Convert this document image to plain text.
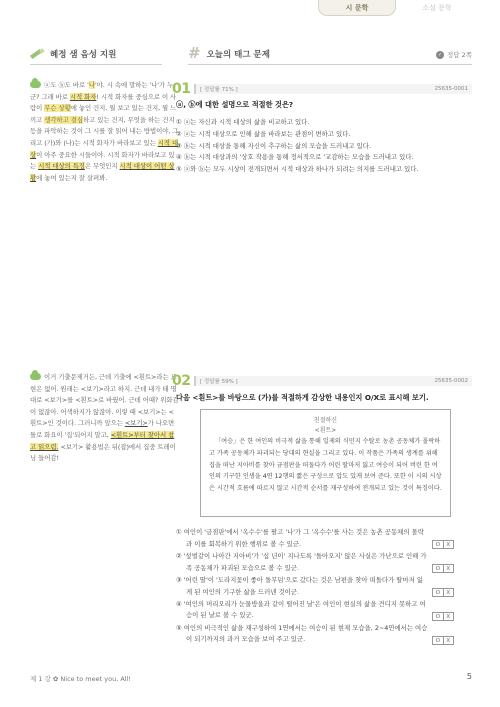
시 문학	소설 문학
혜정 샘 음성 지원
ⓐ도 ⓑ도 바로 '나'야. 시 속에 말하는 '나'가 누군? 그래 바로 시적 화자! 시적 화자를 중심으로 이 사람이 무슨 상황에 놓인 건지, 뭘 보고 있는 건지, 뭘 느끼고 생각하고 결심하고 있는 건지, 무엇을 하는 건지 등을 파악하는 것이 그 시를 잘 읽어 내는 방법이야, 그리고 (가)와 (나)는 시적 화자가 바라보고 있는 시적 대상이 아주 중요한 시들이야. 시적 화자가 바라보고 있는 시적 대상의 특징은 무엇인지 시적 대상이 어떤 상황에 놓여 있는지 잘 살펴봐.
이거 기출문제거든, 근데 기출에 <흰트>라는 표현은 없어. 원래는 <보기>라고 하지. 근데 내가 태 명대로 <보기>를 <흰트>로 바꿨어. 근데 어때? 위화감이 없잖아. 어색하지가 않잖아. 이렇 때 <보기>는 <흰트>인 것이다. 그러니까 앞으는 <보기>가 나오면 틀로 화요이 '집'되어지 말고, <흰트>부터 찾아서 참고 읽으렴. <보기> 활용법은 뒤(잡)에서 집중 트레이닝 들어감!
# 오늘의 태그 문제	✓ 정답 2쪽
01	[ 정답률 71% ]	25635-0001
ⓐ, ⓑ에 대한 설명으로 적절한 것은?
① ⓐ는 자신과 시적 대상의 삶을 비교하고 있다.
② ⓐ는 시적 대상으로 인해 삶을 바라보는 관점이 변하고 있다.
③ ⓑ는 시적 대상을 통해 자신이 추구하는 삶의 모습을 드러내고 있다.
④ ⓑ는 시적 대상과의 '상호 작용을 통해 정서적으로 '교감하는 모습을 드러내고 있다.
⑤ ⓐ와 ⓑ는 모두 시상이 전개되면서 시적 대상과 하나가 되려는 의지를 드러내고 있다.
02	[ 정답률 59% ]	25635-0002
다음 <흰트>를 바탕으로 (가)를 적절하게 감상한 내용인지 O/X로 표시해 보기.
친절하신
<흰트>
「여승」은 한 여인의 비극적 삶을 통해 일제의 식민지 수탈로 농촌 공동체가 몰락하고 가족 공동체가 파괴되는 당대의 현실을 그리고 있다. 이 작품은 가족의 생계를 위해 집을 떠난 지아비를 찾아 금점판을 떠돌다가 어린 딸마저 잃고 여승이 되어 버린 한 여인의 기구한 인생을 4연 12행의 짧은 구성으로 압도 있게 보여 준다. 또한 이 시의 시상은 시간적 흐름에 따르지 않고 시간적 순서를 재구성하여 전개되고 있는 것이 특징이다.
① 여인이 '금점판'에서 '옥수수'를 팔고 '나'가 그 '옥수수'를 사는 것은 농촌 공동체의 몰락과 이를 회복하기 위한 행위로 볼 수 있군.	O	X
② '섶벌같이 나아간 지아비'가 '십 년이' 지나도록 '돌아오지' 않은 사실은 가난으로 인해 가족 공동체가 파괴된 모습으로 볼 수 있군.	O	X
③ '어린 딸'이 '도라지꽃이 좋아 돌무덤'으로 갔다는 것은 남편을 찾아 떠돌다가 딸마저 잃게 된 여인의 기구한 삶을 드러낸 것이군.	O	X
④ '여인의 머리오리가 눈물방울과 같이 떨어진 날'은 여인이 현실의 삶을 견디지 못하고 여승이 된 날로 볼 수 있군.	O	X
⑤ 여인의 비극적인 삶을 재구성하여 1연에서는 여승이 된 현재 모습을, 2~4연에서는 여승이 되기까지의 과거 모습을 보여 주고 있군.	O	X
제 1 강 ✿ Nice to meet you, All!	5
